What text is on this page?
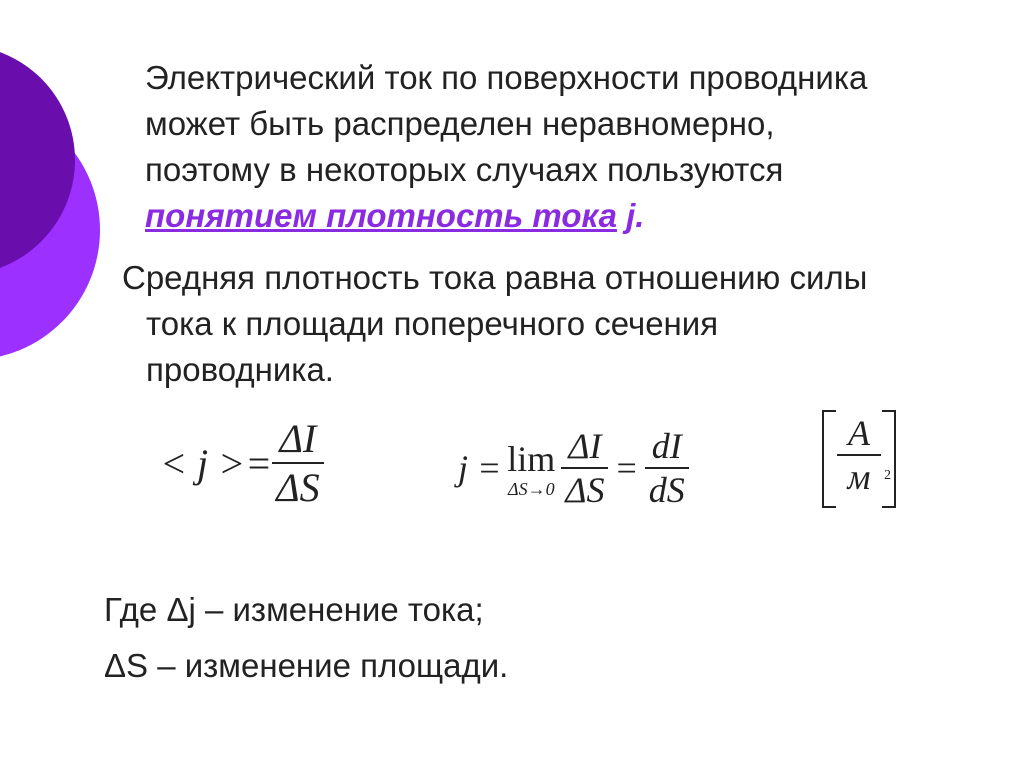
Электрический ток по поверхности проводника
может быть распределен неравномерно,
поэтому в некоторых случаях пользуются
понятием плотность тока j.
Средняя плотность тока равна отношению силы
тока к площади поперечного сечения
проводника.
< $j >= \frac{\Delta I}{\Delta S}$	j = lim
$\Delta S\to 0 \frac{\Delta I}{\Delta S} = \frac{dI}{dS}$	A
м 2
Где Δj – изменение тока;
ΔS – изменение площади.
